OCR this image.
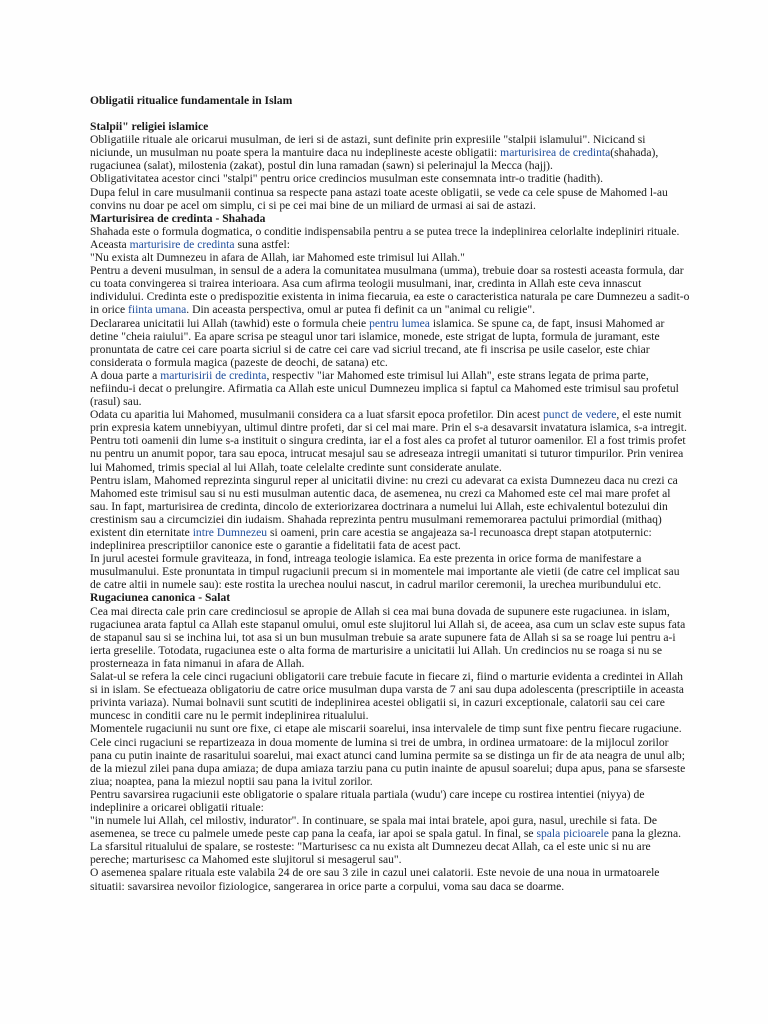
Obligatii ritualice fundamentale in Islam

Stalpii" religiei islamice

Obligatiile rituale ale oricarui musulman, de ieri si de astazi, sunt definite prin expresiile "stalpii islamului". Nicicand si niciunde, un musulman nu poate spera la mantuire daca nu indeplineste aceste obligatii: marturisirea de credinta(shahada), rugaciunea (salat), milostenia (zakat), postul din luna ramadan (sawn) si pelerinajul la Mecca (hajj).

Obligativitatea acestor cinci "stalpi" pentru orice credincios musulman este consemnata intr-o traditie (hadith).

Dupa felul in care musulmanii continua sa respecte pana astazi toate aceste obligatii, se vede ca cele spuse de Mahomed l-au convins nu doar pe acel om simplu, ci si pe cei mai bine de un miliard de urmasi ai sai de astazi.

Marturisirea de credinta - Shahada

Shahada este o formula dogmatica, o conditie indispensabila pentru a se putea trece la indeplinirea celorlalte indepliniri rituale. Aceasta marturisire de credinta suna astfel:

"Nu exista alt Dumnezeu in afara de Allah, iar Mahomed este trimisul lui Allah."

Pentru a deveni musulman, in sensul de a adera la comunitatea musulmana (umma), trebuie doar sa rostesti aceasta formula, dar cu toata convingerea si trairea interioara. Asa cum afirma teologii musulmani, inar, credinta in Allah este ceva innascut individului. Credinta este o predispozitie existenta in inima fiecaruia, ea este o caracteristica naturala pe care Dumnezeu a sadit-o in orice fiinta umana. Din aceasta perspectiva, omul ar putea fi definit ca un "animal cu religie".

Declararea unicitatii lui Allah (tawhid) este o formula cheie pentru lumea islamica. Se spune ca, de fapt, insusi Mahomed ar detine "cheia raiului". Ea apare scrisa pe steagul unor tari islamice, monede, este strigat de lupta, formula de juramant, este pronuntata de catre cei care poarta sicriul si de catre cei care vad sicriul trecand, ate fi inscrisa pe usile caselor, este chiar considerata o formula magica (pazeste de deochi, de satana) etc.

A doua parte a marturisirii de credinta, respectiv "iar Mahomed este trimisul lui Allah", este strans legata de prima parte, nefiindu-i decat o prelungire. Afirmatia ca Allah este unicul Dumnezeu implica si faptul ca Mahomed este trimisul sau profetul (rasul) sau.

Odata cu aparitia lui Mahomed, musulmanii considera ca a luat sfarsit epoca profetilor. Din acest punct de vedere, el este numit prin expresia katem unnebiyyan, ultimul dintre profeti, dar si cel mai mare. Prin el s-a desavarsit invatatura islamica, s-a intregit. Pentru toti oamenii din lume s-a instituit o singura credinta, iar el a fost ales ca profet al tuturor oamenilor. El a fost trimis profet nu pentru un anumit popor, tara sau epoca, intrucat mesajul sau se adreseaza intregii umanitati si tuturor timpurilor. Prin venirea lui Mahomed, trimis special al lui Allah, toate celelalte credinte sunt considerate anulate.

Pentru islam, Mahomed reprezinta singurul reper al unicitatii divine: nu crezi cu adevarat ca exista Dumnezeu daca nu crezi ca Mahomed este trimisul sau si nu esti musulman autentic daca, de asemenea, nu crezi ca Mahomed este cel mai mare profet al sau. In fapt, marturisirea de credinta, dincolo de exteriorizarea doctrinara a numelui lui Allah, este echivalentul botezului din crestinism sau a circumciziei din iudaism. Shahada reprezinta pentru musulmani rememorarea pactului primordial (mithaq) existent din eternitate intre Dumnezeu si oameni, prin care acestia se angajeaza sa-l recunoasca drept stapan atotputernic: indeplinirea prescriptiilor canonice este o garantie a fidelitatii fata de acest pact.

In jurul acestei formule graviteaza, in fond, intreaga teologie islamica. Ea este prezenta in orice forma de manifestare a musulmanului. Este pronuntata in timpul rugaciunii precum si in momentele mai importante ale vietii (de catre cel implicat sau de catre altii in numele sau): este rostita la urechea noului nascut, in cadrul marilor ceremonii, la urechea muribundului etc.

Rugaciunea canonica - Salat

Cea mai directa cale prin care credinciosul se apropie de Allah si cea mai buna dovada de supunere este rugaciunea. in islam, rugaciunea arata faptul ca Allah este stapanul omului, omul este slujitorul lui Allah si, de aceea, asa cum un sclav este supus fata de stapanul sau si se inchina lui, tot asa si un bun musulman trebuie sa arate supunere fata de Allah si sa se roage lui pentru a-i ierta greselile. Totodata, rugaciunea este o alta forma de marturisire a unicitatii lui Allah. Un credincios nu se roaga si nu se prosterneaza in fata nimanui in afara de Allah.

Salat-ul se refera la cele cinci rugaciuni obligatorii care trebuie facute in fiecare zi, fiind o marturie evidenta a credintei in Allah si in islam. Se efectueaza obligatoriu de catre orice musulman dupa varsta de 7 ani sau dupa adolescenta (prescriptiile in aceasta privinta variaza). Numai bolnavii sunt scutiti de indeplinirea acestei obligatii si, in cazuri exceptionale, calatorii sau cei care muncesc in conditii care nu le permit indeplinirea ritualului.

Momentele rugaciunii nu sunt ore fixe, ci etape ale miscarii soarelui, insa intervalele de timp sunt fixe pentru fiecare rugaciune. Cele cinci rugaciuni se repartizeaza in doua momente de lumina si trei de umbra, in ordinea urmatoare: de la mijlocul zorilor pana cu putin inainte de rasaritului soarelui, mai exact atunci cand lumina permite sa se distinga un fir de ata neagra de unul alb; de la miezul zilei pana dupa amiaza; de dupa amiaza tarziu pana cu putin inainte de apusul soarelui; dupa apus, pana se sfarseste ziua; noaptea, pana la miezul noptii sau pana la ivitul zorilor.

Pentru savarsirea rugaciunii este obligatorie o spalare rituala partiala (wudu') care incepe cu rostirea intentiei (niyya) de indeplinire a oricarei obligatii rituale:

"in numele lui Allah, cel milostiv, indurator". In continuare, se spala mai intai bratele, apoi gura, nasul, urechile si fata. De asemenea, se trece cu palmele umede peste cap pana la ceafa, iar apoi se spala gatul. In final, se spala picioarele pana la glezna.

La sfarsitul ritualului de spalare, se rosteste: "Marturisesc ca nu exista alt Dumnezeu decat Allah, ca el este unic si nu are pereche; marturisesc ca Mahomed este slujitorul si mesagerul sau".

O asemenea spalare rituala este valabila 24 de ore sau 3 zile in cazul unei calatorii. Este nevoie de una noua in urmatoarele situatii: savarsirea nevoilor fiziologice, sangerarea in orice parte a corpului, voma sau daca se doarme.
